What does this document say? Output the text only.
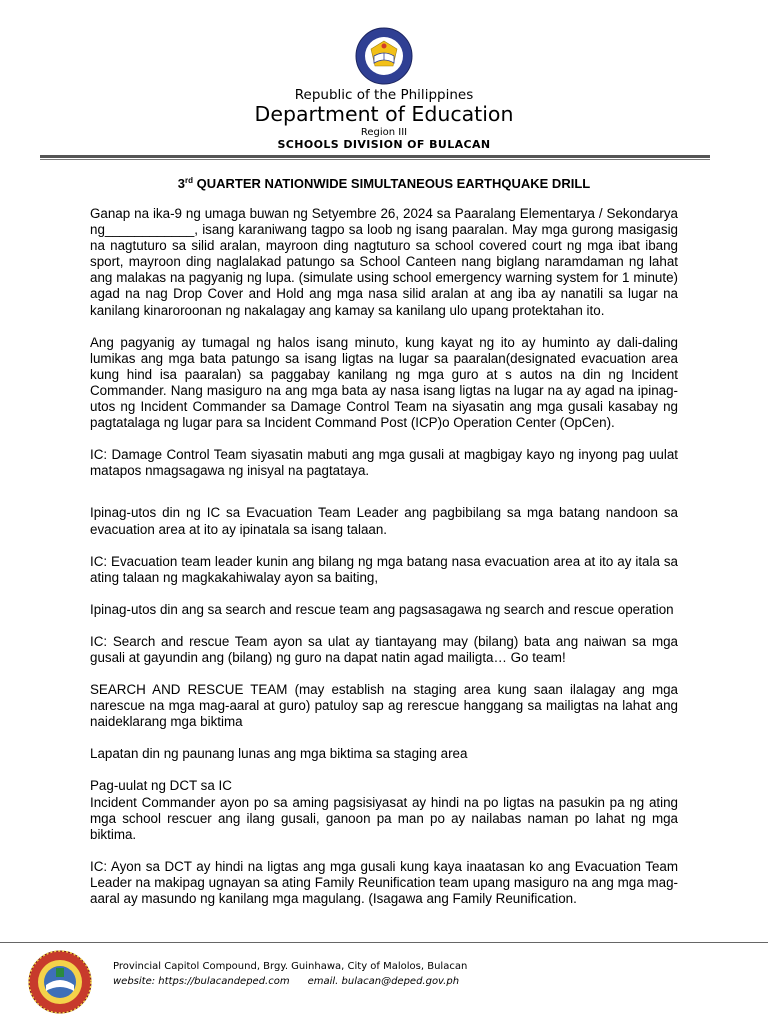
Republic of the Philippines
Department of Education
Region III
SCHOOLS DIVISION OF BULACAN
3rd QUARTER NATIONWIDE SIMULTANEOUS EARTHQUAKE DRILL

Ganap na ika-9 ng umaga buwan ng Setyembre 26, 2024 sa Paaralang Elementarya / Sekondarya ng____________, isang karaniwang tagpo sa loob ng isang paaralan. May mga gurong masigasig na nagtuturo sa silid aralan, mayroon ding nagtuturo sa school covered court ng mga ibat ibang sport, mayroon ding naglalakad patungo sa School Canteen nang biglang naramdaman ng lahat ang malakas na pagyanig ng lupa. (simulate using school emergency warning system for 1 minute) agad na nag Drop Cover and Hold ang mga nasa silid aralan at ang iba ay nanatili sa lugar na kanilang kinaroroonan ng nakalagay ang kamay sa kanilang ulo upang protektahan ito.

Ang pagyanig ay tumagal ng halos isang minuto, kung kayat ng ito ay huminto ay dali-daling lumikas ang mga bata patungo sa isang ligtas na lugar sa paaralan(designated evacuation area kung hind isa paaralan) sa paggabay kanilang ng mga guro at s autos na din ng Incident Commander. Nang masiguro na ang mga bata ay nasa isang ligtas na lugar na ay agad na ipinag-utos ng Incident Commander sa Damage Control Team na siyasatin ang mga gusali kasabay ng pagtatalaga ng lugar para sa Incident Command Post (ICP)o Operation Center (OpCen).

IC: Damage Control Team siyasatin mabuti ang mga gusali at magbigay kayo ng inyong pag uulat matapos nmagsagawa ng inisyal na pagtataya.

Ipinag-utos din ng IC sa Evacuation Team Leader ang pagbibilang sa mga batang nandoon sa evacuation area at ito ay ipinatala sa isang talaan.

IC: Evacuation team leader kunin ang bilang ng mga batang nasa evacuation area at ito ay itala sa ating talaan ng magkakahiwalay ayon sa baiting,

Ipinag-utos din ang sa search and rescue team ang pagsasagawa ng search and rescue operation

IC: Search and rescue Team ayon sa ulat ay tiantayang may (bilang) bata ang naiwan sa mga gusali at gayundin ang (bilang) ng guro na dapat natin agad mailigta… Go team!

SEARCH AND RESCUE TEAM (may establish na staging area kung saan ilalagay ang mga narescue na mga mag-aaral at guro) patuloy sap ag rerescue hanggang sa mailigtas na lahat ang naideklarang mga biktima

Lapatan din ng paunang lunas ang mga biktima sa staging area

Pag-uulat ng DCT sa IC

Incident Commander ayon po sa aming pagsisiyasat ay hindi na po ligtas na pasukin pa ng ating mga school rescuer ang ilang gusali, ganoon pa man po ay nailabas naman po lahat ng mga biktima.

IC: Ayon sa DCT ay hindi na ligtas ang mga gusali kung kaya inaatasan ko ang Evacuation Team Leader na makipag ugnayan sa ating Family Reunification team upang masiguro na ang mga mag-aaral ay masundo ng kanilang mga magulang. (Isagawa ang Family Reunification.

Provincial Capitol Compound, Brgy. Guinhawa, City of Malolos, Bulacan
website: https://bulacandeped.com email. bulacan@deped.gov.ph
